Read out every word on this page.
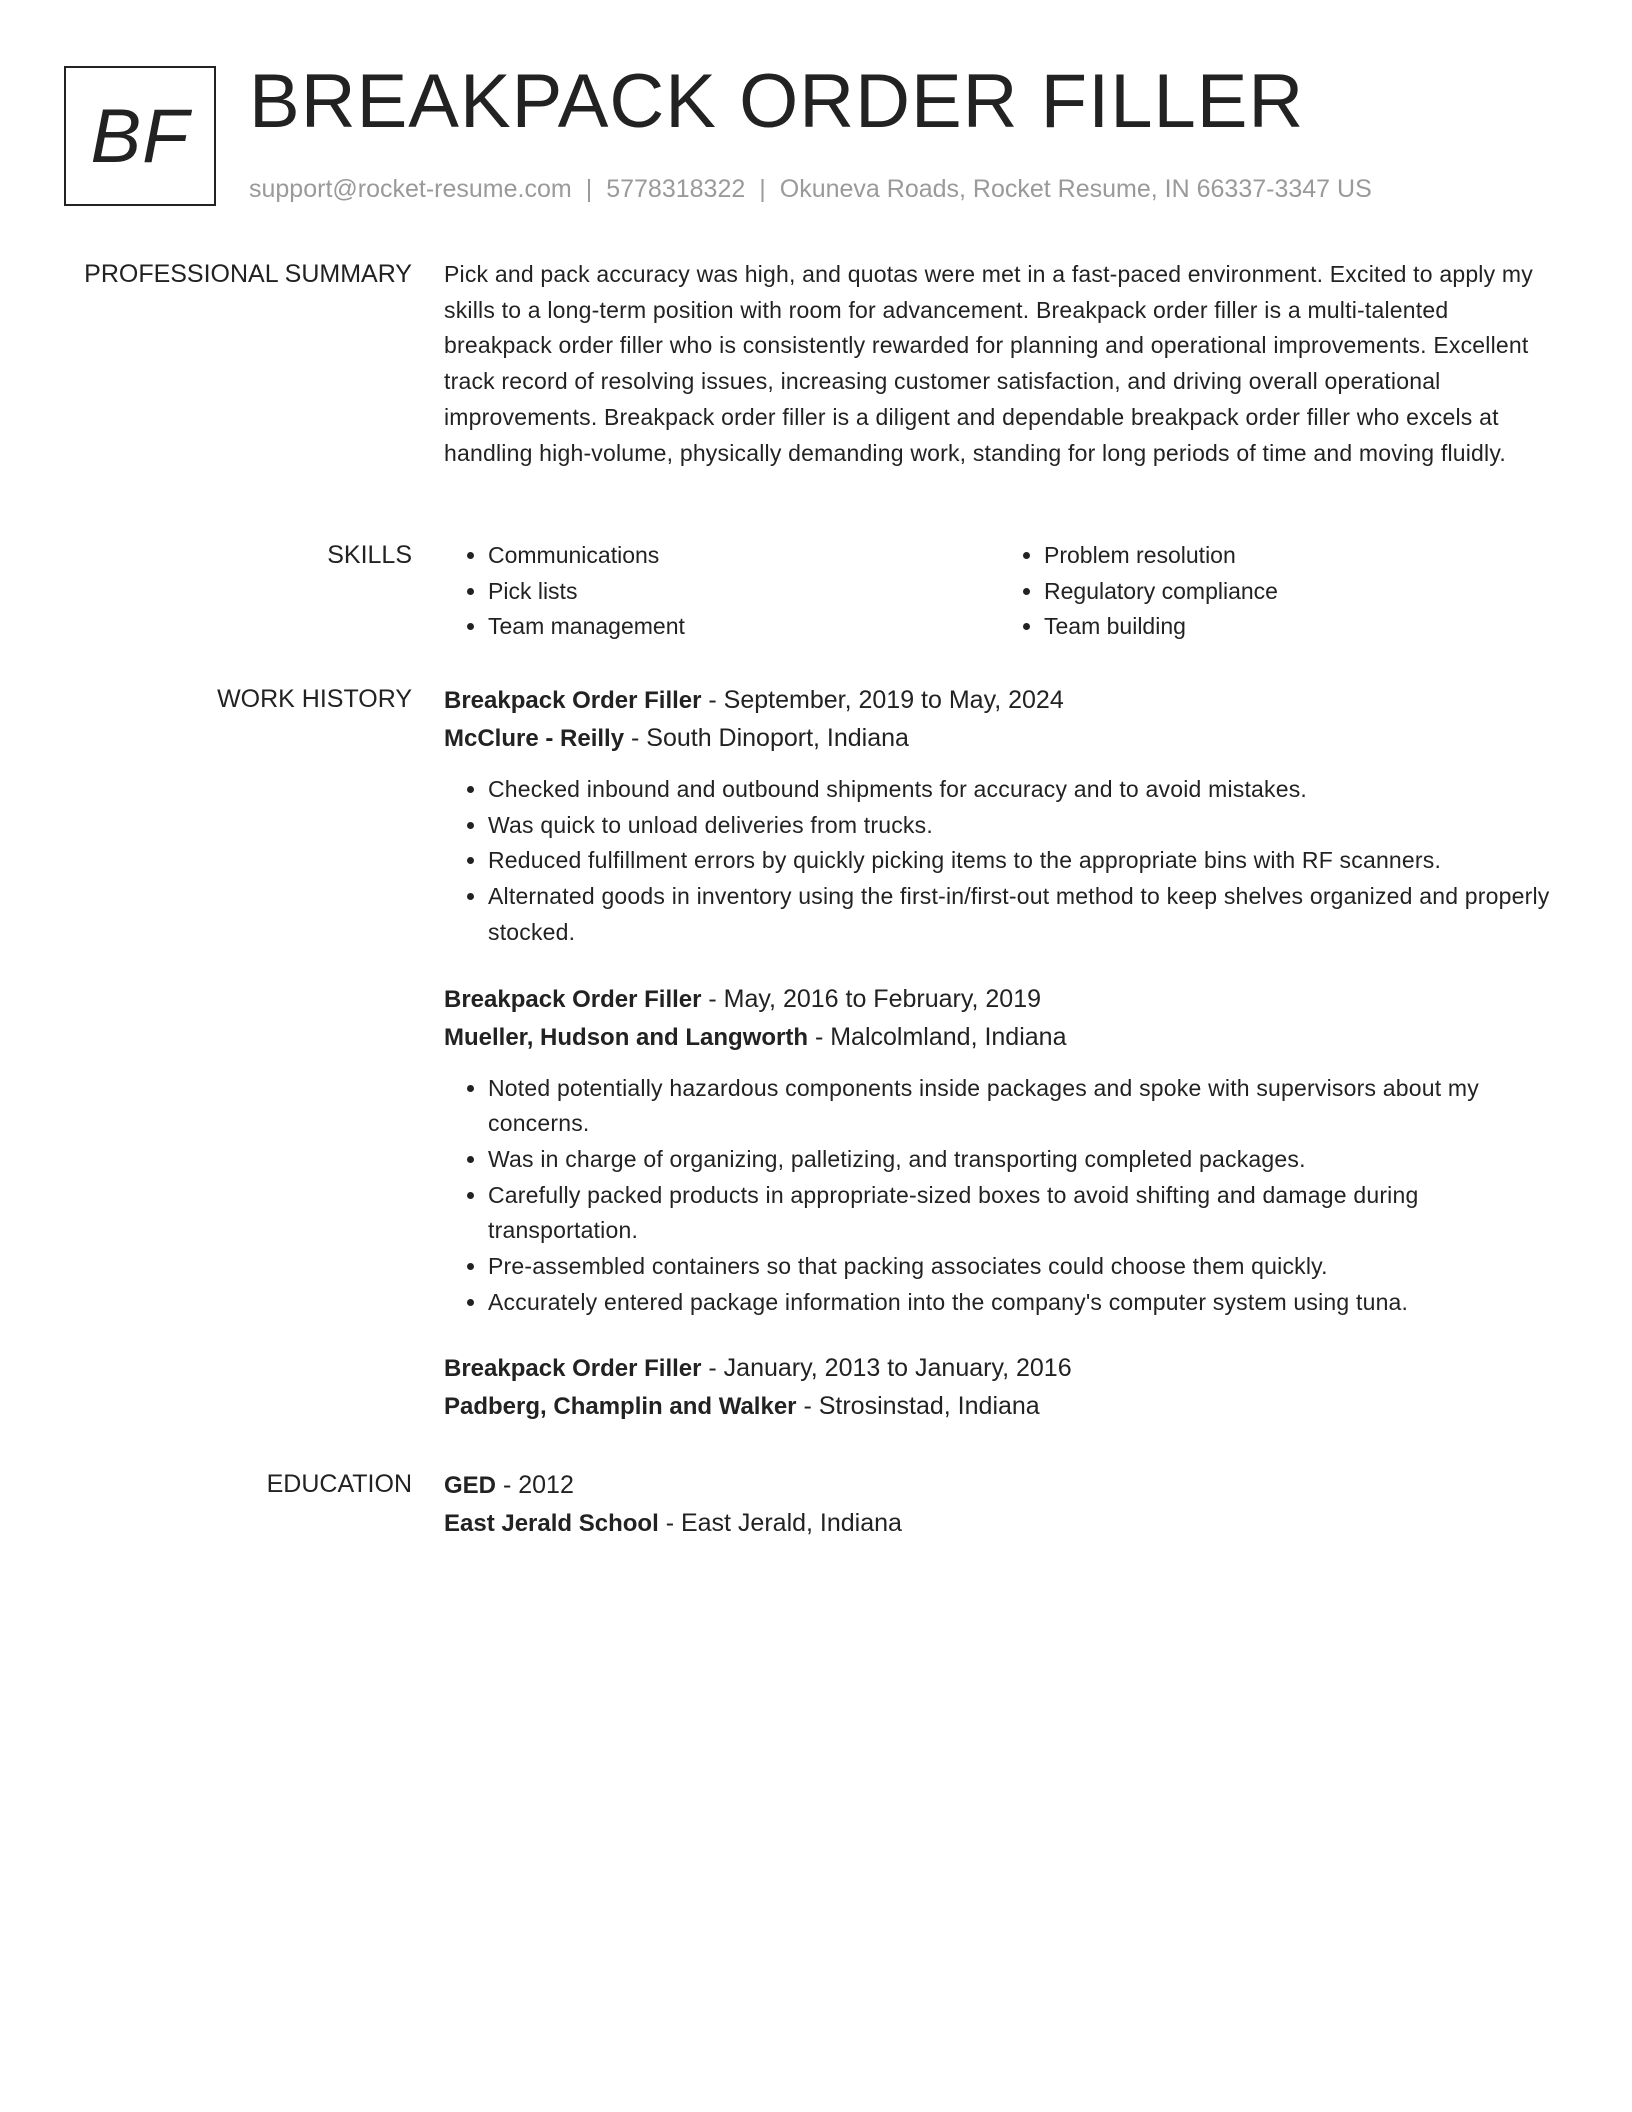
BF BREAKPACK ORDER FILLER
support@rocket-resume.com | 5778318322 | Okuneva Roads, Rocket Resume, IN 66337-3347 US
PROFESSIONAL SUMMARY Pick and pack accuracy was high, and quotas were met in a fast-paced environment. Excited to apply my skills to a long-term position with room for advancement. Breakpack order filler is a multi-talented breakpack order filler who is consistently rewarded for planning and operational improvements. Excellent track record of resolving issues, increasing customer satisfaction, and driving overall operational improvements. Breakpack order filler is a diligent and dependable breakpack order filler who excels at handling high-volume, physically demanding work, standing for long periods of time and moving fluidly.

SKILLS
•	Communications
• Pick lists
• Team management
• Problem resolution
• Regulatory compliance
• Team building
WORK HISTORY Breakpack Order Filler - September, 2019 to May, 2024

McClure - Reilly - South Dinoport, Indiana

• Checked inbound and outbound shipments for accuracy and to avoid mistakes.
• Was quick to unload deliveries from trucks.
• Reduced fulfillment errors by quickly picking items to the appropriate bins with RF scanners.
• Alternated goods in inventory using the first-in/first-out method to keep shelves organized and properly stocked.

Breakpack Order Filler - May, 2016 to February, 2019

Mueller, Hudson and Langworth - Malcolmland, Indiana

• Noted potentially hazardous components inside packages and spoke with supervisors about my concerns.
• Was in charge of organizing, palletizing, and transporting completed packages.
• Carefully packed products in appropriate-sized boxes to avoid shifting and damage during transportation.
• Pre-assembled containers so that packing associates could choose them quickly.
• Accurately entered package information into the company's computer system using tuna.

Breakpack Order Filler - January, 2013 to January, 2016

Padberg, Champlin and Walker - Strosinstad, Indiana

EDUCATION GED - 2012

East Jerald School - East Jerald, Indiana
